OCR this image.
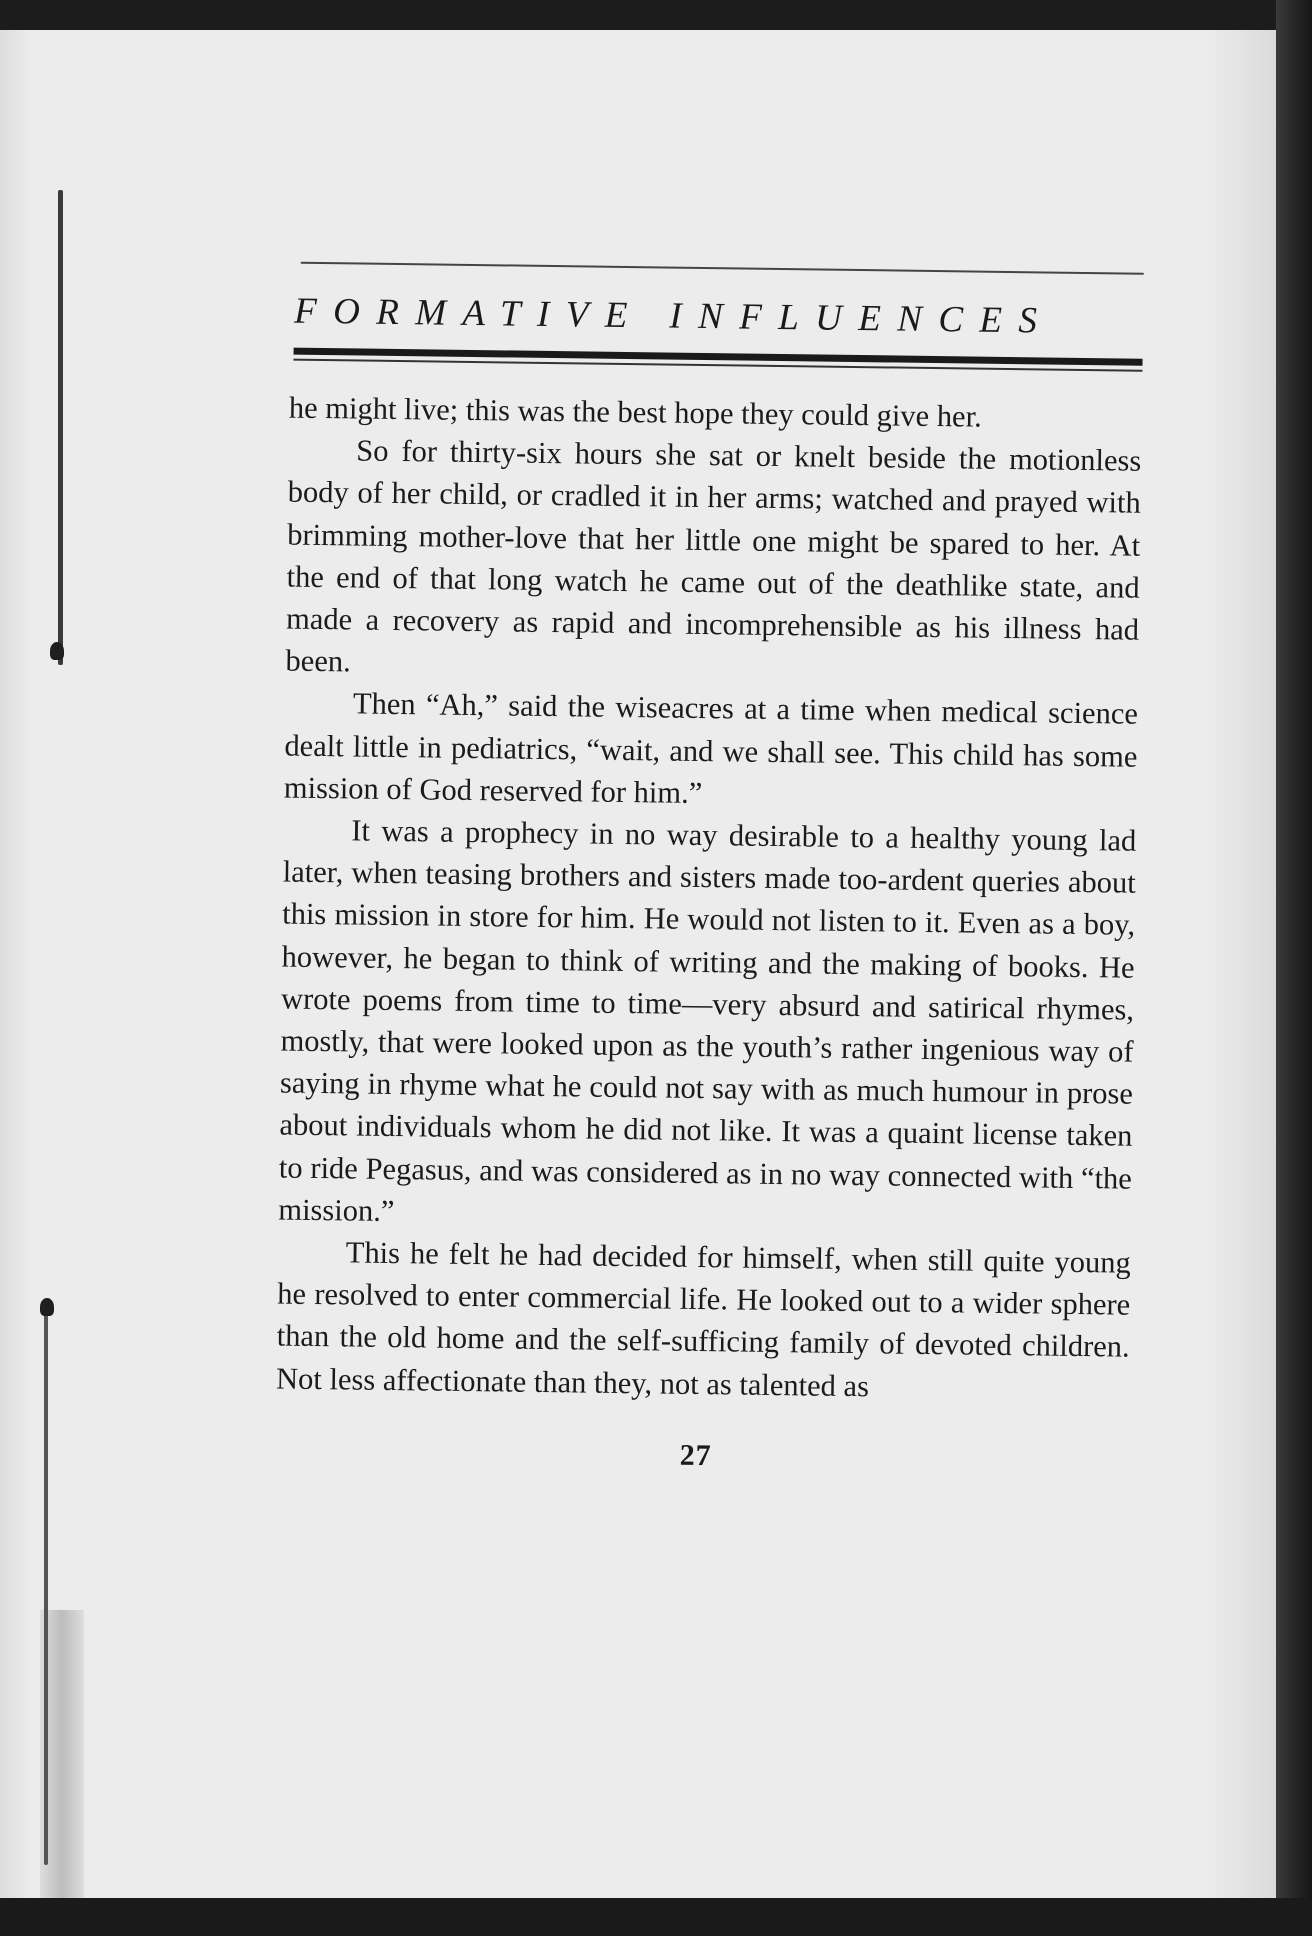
FORMATIVE INFLUENCES

he might live; this was the best hope they could give her.

So for thirty-six hours she sat or knelt beside the motionless body of her child, or cradled it in her arms; watched and prayed with brimming mother-love that her little one might be spared to her. At the end of that long watch he came out of the deathlike state, and made a recovery as rapid and incomprehensible as his illness had been.

Then “Ah,” said the wiseacres at a time when medical science dealt little in pediatrics, “wait, and we shall see. This child has some mission of God reserved for him.”

It was a prophecy in no way desirable to a healthy young lad later, when teasing brothers and sisters made too-ardent queries about this mission in store for him. He would not listen to it. Even as a boy, however, he began to think of writing and the making of books. He wrote poems from time to time—very absurd and satirical rhymes, mostly, that were looked upon as the youth’s rather ingenious way of saying in rhyme what he could not say with as much humour in prose about individuals whom he did not like. It was a quaint license taken to ride Pegasus, and was considered as in no way connected with “the mission.”

This he felt he had decided for himself, when still quite young he resolved to enter commercial life. He looked out to a wider sphere than the old home and the self-sufficing family of devoted children. Not less affectionate than they, not as talented as

27
